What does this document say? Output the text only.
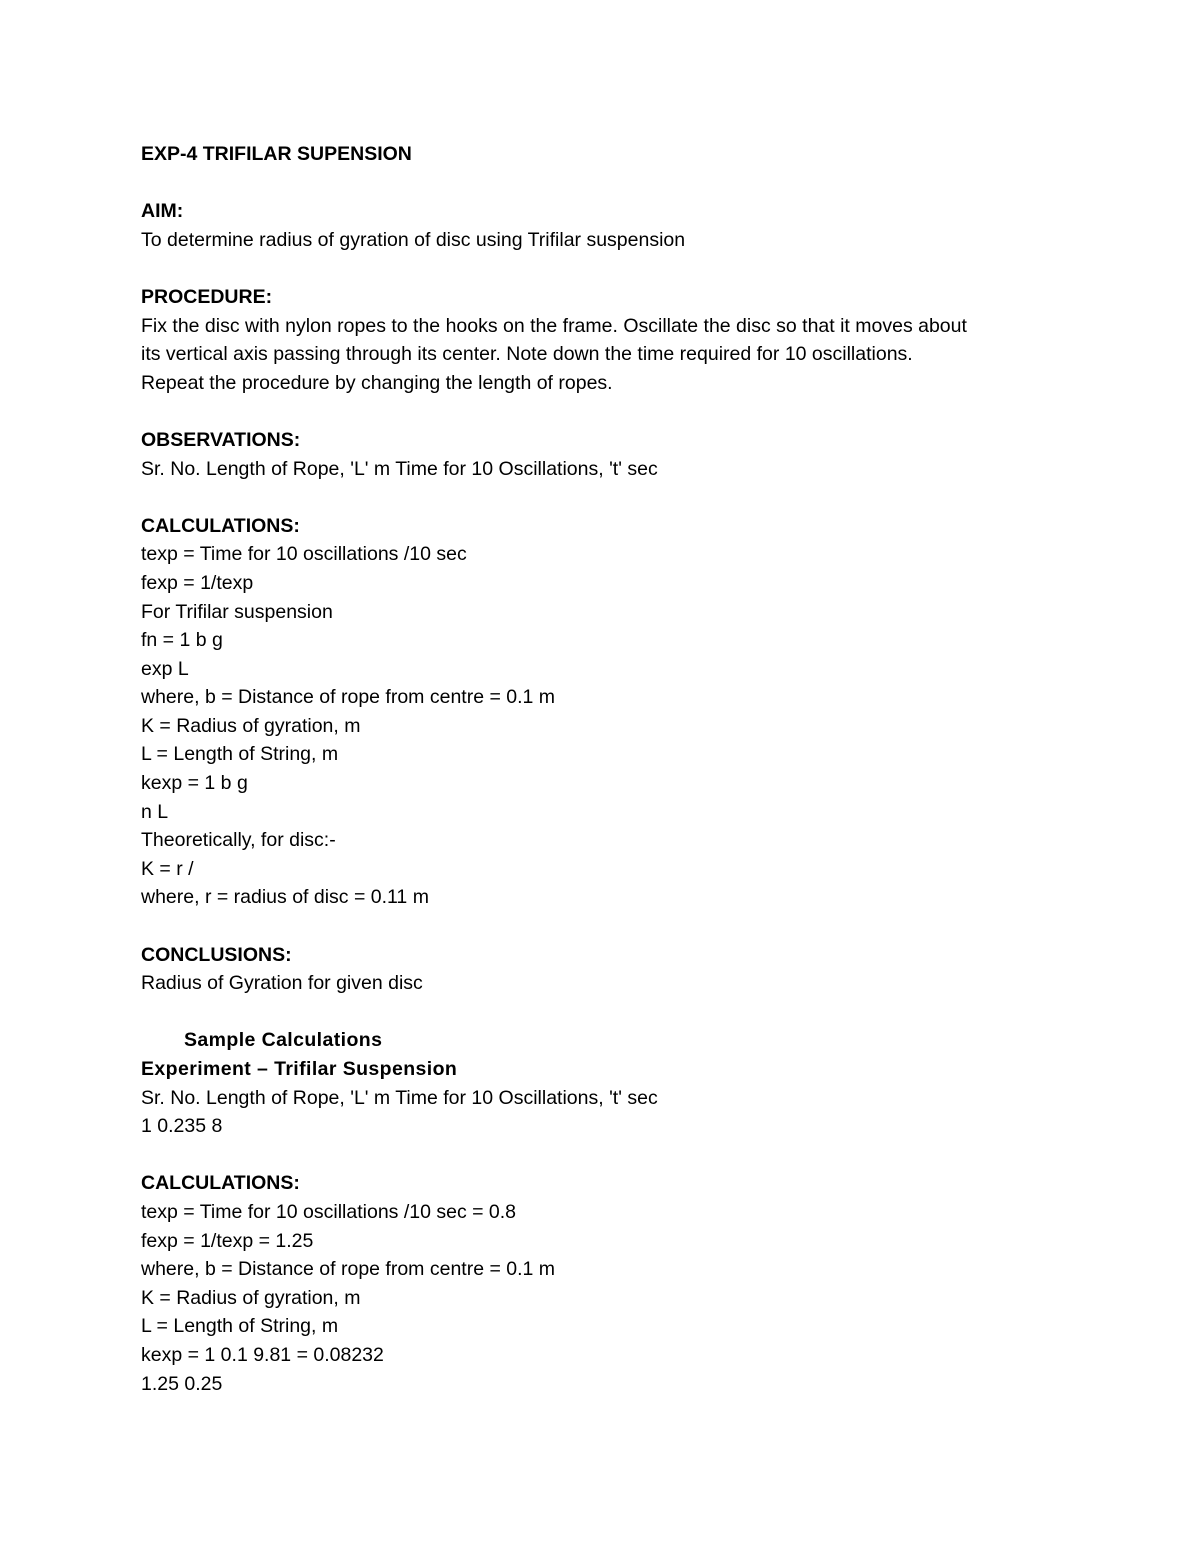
EXP-4 TRIFILAR SUPENSION
AIM:
To determine radius of gyration of disc using Trifilar suspension
PROCEDURE:
Fix the disc with nylon ropes to the hooks on the frame. Oscillate the disc so that it moves about
its vertical axis passing through its center. Note down the time required for 10 oscillations.
Repeat the procedure by changing the length of ropes.
OBSERVATIONS:
Sr. No. Length of Rope, 'L' m Time for 10 Oscillations, 't' sec
CALCULATIONS:
texp = Time for 10 oscillations /10 sec
fexp = 1/texp
For Trifilar suspension
fn = 1 b g
exp L
where, b = Distance of rope from centre = 0.1 m
K = Radius of gyration, m
L = Length of String, m
kexp = 1 b g
n L
Theoretically, for disc:-
K = r /
where, r = radius of disc = 0.11 m
CONCLUSIONS:
Radius of Gyration for given disc
Sample Calculations
Experiment – Trifilar Suspension
Sr. No. Length of Rope, 'L' m Time for 10 Oscillations, 't' sec
1 0.235 8
CALCULATIONS:
texp = Time for 10 oscillations /10 sec = 0.8
fexp = 1/texp = 1.25
where, b = Distance of rope from centre = 0.1 m
K = Radius of gyration, m
L = Length of String, m
kexp = 1 0.1 9.81 = 0.08232
1.25 0.25
